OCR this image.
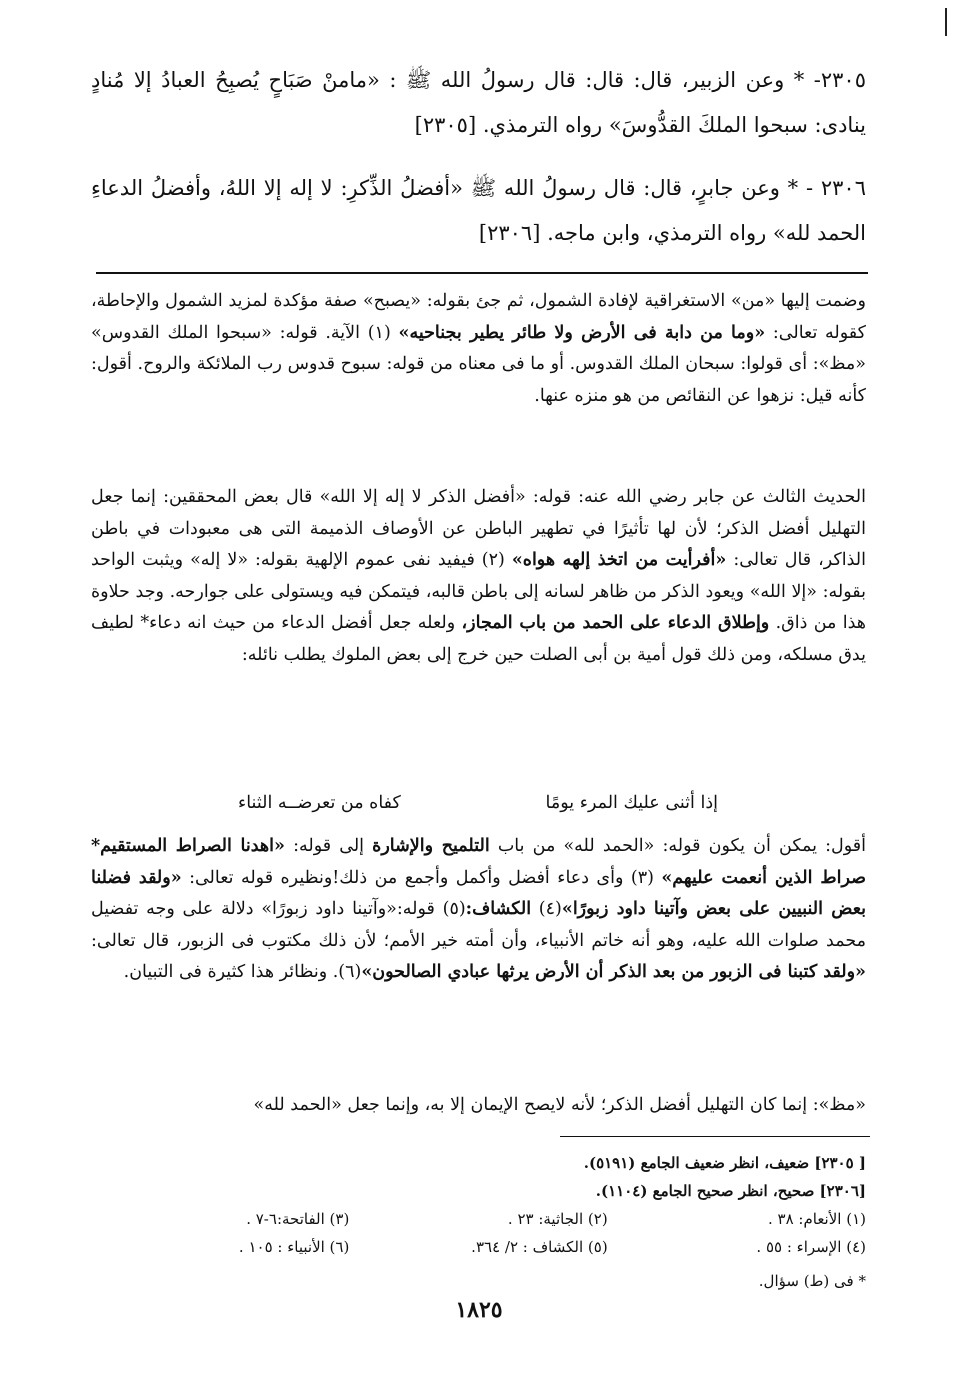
٢٣٠٥- * وعن الزبير، قال: قال: قال رسولُ الله ﷺ : «مامنْ صَبَاحٍ يُصبِحُ العبادُ إلا مُنادٍ ينادى: سبحوا الملكَ القدُّوسَ» رواه الترمذي. [٢٣٠٥]
٢٣٠٦ - * وعن جابرٍ، قال: قال رسولُ الله ﷺ «أفضلُ الذِّكرِ: لا إله إلا اللهُ، وأفضلُ الدعاءِ الحمد لله» رواه الترمذي، وابن ماجه. [٢٣٠٦]
وضمت إليها «من» الاستغراقية لإفادة الشمول، ثم جئ بقوله: «يصبح» صفة مؤكدة لمزيد الشمول والإحاطة، كقوله تعالى: «وما من دابة فى الأرض ولا طائر يطير بجناحيه» (١) الآية. قوله: «سبحوا الملك القدوس» «مظ»: أى قولوا: سبحان الملك القدوس. أو ما فى معناه من قوله: سبوح قدوس رب الملائكة والروح. أقول: كأنه قيل: نزهوا عن النقائص من هو منزه عنها.
الحديث الثالث عن جابر رضي الله عنه: قوله: «أفضل الذكر لا إله إلا الله» قال بعض المحققين: إنما جعل التهليل أفضل الذكر؛ لأن لها تأثيرًا في تطهير الباطن عن الأوصاف الذميمة التى هى معبودات في باطن الذاكر، قال تعالى: «أفرأيت من اتخذ إلهه هواه» (٢) فيفيد نفى عموم الإلهية بقوله: «لا إله» ويثبت الواحد بقوله: «إلا الله» ويعود الذكر من ظاهر لسانه إلى باطن قالبه، فيتمكن فيه ويستولى على جوارحه. وجد حلاوة هذا من ذاق. وإطلاق الدعاء على الحمد من باب المجاز، ولعله جعل أفضل الدعاء من حيث انه دعاء* لطيف يدق مسلكه، ومن ذلك قول أمية بن أبى الصلت حين خرج إلى بعض الملوك يطلب نائله:
إذا أثنى عليك المرء يومًا
كفاه من تعرضــه الثناء
أقول: يمكن أن يكون قوله: «الحمد لله» من باب التلميح والإشارة إلى قوله: «اهدنا الصراط المستقيم* صراط الذين أنعمت عليهم» (٣) وأى دعاء أفضل وأكمل وأجمع من ذلك!ونظيره قوله تعالى: «ولقد فضلنا بعض النبيين على بعض وآتينا داود زبورًا»(٤) الكشاف:(٥) قوله:«وآتينا داود زبورًا» دلالة على وجه تفضيل محمد صلوات الله عليه، وهو أنه خاتم الأنبياء، وأن أمته خير الأمم؛ لأن ذلك مكتوب فى الزبور، قال تعالى: «ولقد كتبنا فى الزبور من بعد الذكر أن الأرض يرثها عبادي الصالحون»(٦). ونظائر هذا كثيرة فى التبيان.
«مظ»: إنما كان التهليل أفضل الذكر؛ لأنه لايصح الإيمان إلا به، وإنما جعل «الحمد لله»
[ ٢٣٠٥] ضعيف، انظر ضعيف الجامع (٥١٩١).
[٢٣٠٦] صحيح، انظر صحيح الجامع (١١٠٤).
(١) الأنعام: ٣٨ .
(٢) الجاثية: ٢٣ .
(٣) الفاتحة:٦-٧ .
(٤) الإسراء : ٥٥ .
(٥) الكشاف : ٢/ ٣٦٤.
(٦) الأنبياء : ١٠٥ .
* فى (ط) سؤال.
١٨٢٥
